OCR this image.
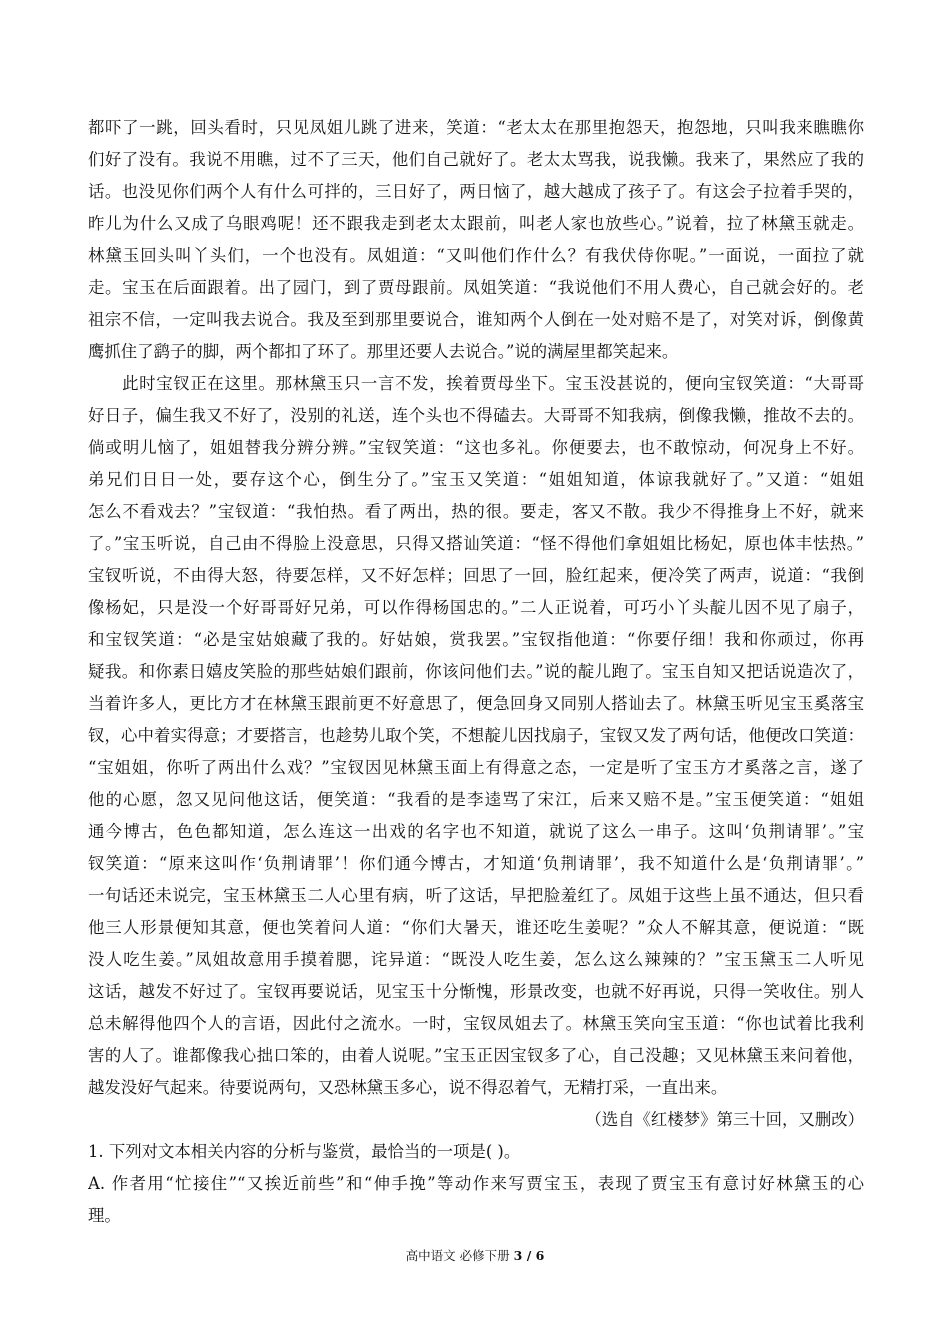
都吓了一跳，回头看时，只见凤姐儿跳了进来，笑道：“老太太在那里抱怨天，抱怨地，只叫我来瞧瞧你
们好了没有。我说不用瞧，过不了三天，他们自己就好了。老太太骂我，说我懒。我来了，果然应了我的
话。也没见你们两个人有什么可拌的，三日好了，两日恼了，越大越成了孩子了。有这会子拉着手哭的，
昨儿为什么又成了乌眼鸡呢！还不跟我走到老太太跟前，叫老人家也放些心。”说着，拉了林黛玉就走。
林黛玉回头叫丫头们，一个也没有。凤姐道：“又叫他们作什么？有我伏侍你呢。”一面说，一面拉了就
走。宝玉在后面跟着。出了园门，到了贾母跟前。凤姐笑道：“我说他们不用人费心，自己就会好的。老
祖宗不信，一定叫我去说合。我及至到那里要说合，谁知两个人倒在一处对赔不是了，对笑对诉，倒像黄
鹰抓住了鹞子的脚，两个都扣了环了。那里还要人去说合。”说的满屋里都笑起来。
　　此时宝钗正在这里。那林黛玉只一言不发，挨着贾母坐下。宝玉没甚说的，便向宝钗笑道：“大哥哥
好日子，偏生我又不好了，没别的礼送，连个头也不得磕去。大哥哥不知我病，倒像我懒，推故不去的。
倘或明儿恼了，姐姐替我分辨分辨。”宝钗笑道：“这也多礼。你便要去，也不敢惊动，何况身上不好。
弟兄们日日一处，要存这个心，倒生分了。”宝玉又笑道：“姐姐知道，体谅我就好了。”又道：“姐姐
怎么不看戏去？”宝钗道：“我怕热。看了两出，热的很。要走，客又不散。我少不得推身上不好，就来
了。”宝玉听说，自己由不得脸上没意思，只得又搭讪笑道：“怪不得他们拿姐姐比杨妃，原也体丰怯热。”
宝钗听说，不由得大怒，待要怎样，又不好怎样；回思了一回，脸红起来，便冷笑了两声，说道：“我倒
像杨妃，只是没一个好哥哥好兄弟，可以作得杨国忠的。”二人正说着，可巧小丫头靛儿因不见了扇子，
和宝钗笑道：“必是宝姑娘藏了我的。好姑娘，赏我罢。”宝钗指他道：“你要仔细！我和你顽过，你再
疑我。和你素日嬉皮笑脸的那些姑娘们跟前，你该问他们去。”说的靛儿跑了。宝玉自知又把话说造次了，
当着许多人，更比方才在林黛玉跟前更不好意思了，便急回身又同别人搭讪去了。林黛玉听见宝玉奚落宝
钗，心中着实得意；才要搭言，也趁势儿取个笑，不想靛儿因找扇子，宝钗又发了两句话，他便改口笑道：
“宝姐姐，你听了两出什么戏？”宝钗因见林黛玉面上有得意之态，一定是听了宝玉方才奚落之言，遂了
他的心愿，忽又见问他这话，便笑道：“我看的是李逵骂了宋江，后来又赔不是。”宝玉便笑道：“姐姐
通今博古，色色都知道，怎么连这一出戏的名字也不知道，就说了这么一串子。这叫‘负荆请罪’。”宝
钗笑道：“原来这叫作‘负荆请罪’！你们通今博古，才知道‘负荆请罪’，我不知道什么是‘负荆请罪’。”
一句话还未说完，宝玉林黛玉二人心里有病，听了这话，早把脸羞红了。凤姐于这些上虽不通达，但只看
他三人形景便知其意，便也笑着问人道：“你们大暑天，谁还吃生姜呢？”众人不解其意，便说道：“既
没人吃生姜。”凤姐故意用手摸着腮，诧异道：“既没人吃生姜，怎么这么辣辣的？”宝玉黛玉二人听见
这话，越发不好过了。宝钗再要说话，见宝玉十分惭愧，形景改变，也就不好再说，只得一笑收住。别人
总未解得他四个人的言语，因此付之流水。一时，宝钗凤姐去了。林黛玉笑向宝玉道：“你也试着比我利
害的人了。谁都像我心拙口笨的，由着人说呢。”宝玉正因宝钗多了心，自己没趣；又见林黛玉来问着他，
越发没好气起来。待要说两句，又恐林黛玉多心，说不得忍着气，无精打采，一直出来。
（选自《红楼梦》第三十回，又删改）
1. 下列对文本相关内容的分析与鉴赏，最恰当的一项是( )。
A. 作者用“忙接住”“又挨近前些”和“伸手挽”等动作来写贾宝玉，表现了贾宝玉有意讨好林黛玉的心
理。
高中语文 必修下册 3 / 6
